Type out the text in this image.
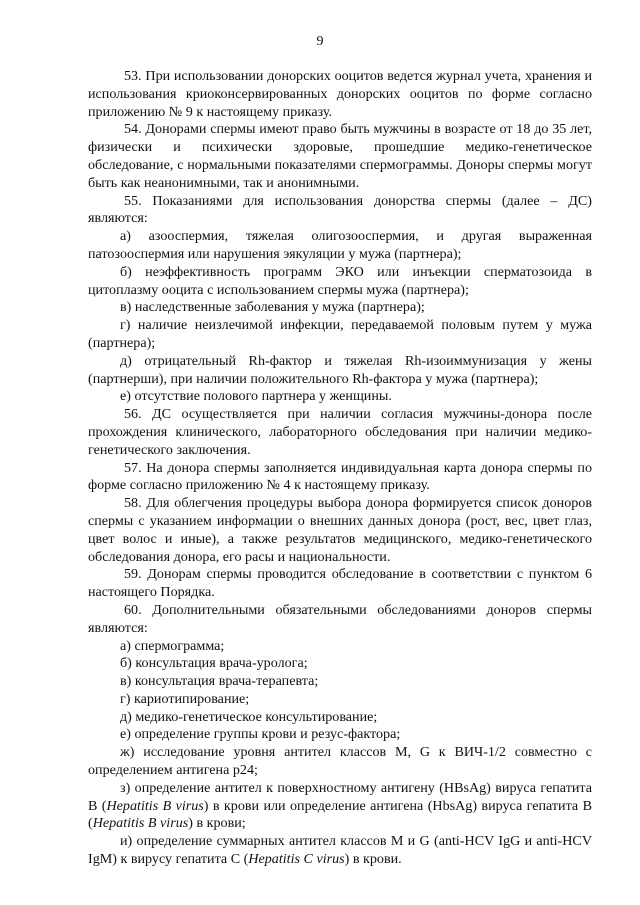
9

53. При использовании донорских ооцитов ведется журнал учета, хранения и использования криоконсервированных донорских ооцитов по форме согласно приложению № 9 к настоящему приказу.

54. Донорами спермы имеют право быть мужчины в возрасте от 18 до 35 лет, физически и психически здоровые, прошедшие медико-генетическое обследование, с нормальными показателями спермограммы. Доноры спермы могут быть как неанонимными, так и анонимными.

55. Показаниями для использования донорства спермы (далее – ДС) являются:

а) азооспермия, тяжелая олигозооспермия, и другая выраженная патозооспермия или нарушения эякуляции у мужа (партнера);

б) неэффективность программ ЭКО или инъекции сперматозоида в цитоплазму ооцита с использованием спермы мужа (партнера);

в) наследственные заболевания у мужа (партнера);

г) наличие неизлечимой инфекции, передаваемой половым путем у мужа (партнера);

д) отрицательный Rh-фактор и тяжелая Rh-изоиммунизация у жены (партнерши), при наличии положительного Rh-фактора у мужа (партнера);

е) отсутствие полового партнера у женщины.

56. ДС осуществляется при наличии согласия мужчины-донора после прохождения клинического, лабораторного обследования при наличии медико-генетического заключения.

57. На донора спермы заполняется индивидуальная карта донора спермы по форме согласно приложению № 4 к настоящему приказу.

58. Для облегчения процедуры выбора донора формируется список доноров спермы с указанием информации о внешних данных донора (рост, вес, цвет глаз, цвет волос и иные), а также результатов медицинского, медико-генетического обследования донора, его расы и национальности.

59. Донорам спермы проводится обследование в соответствии с пунктом 6 настоящего Порядка.

60. Дополнительными обязательными обследованиями доноров спермы являются:

а) спермограмма;

б) консультация врача-уролога;

в) консультация врача-терапевта;

г) кариотипирование;

д) медико-генетическое консультирование;

е) определение группы крови и резус-фактора;

ж) исследование уровня антител классов M, G к ВИЧ-1/2 совместно с определением антигена p24;

з) определение антител к поверхностному антигену (HBsAg) вируса гепатита B (Hepatitis B virus) в крови или определение антигена (HbsAg) вируса гепатита B (Hepatitis B virus) в крови;

и) определение суммарных антител классов M и G (anti-HCV IgG и anti-HCV IgM) к вирусу гепатита C (Hepatitis C virus) в крови.
